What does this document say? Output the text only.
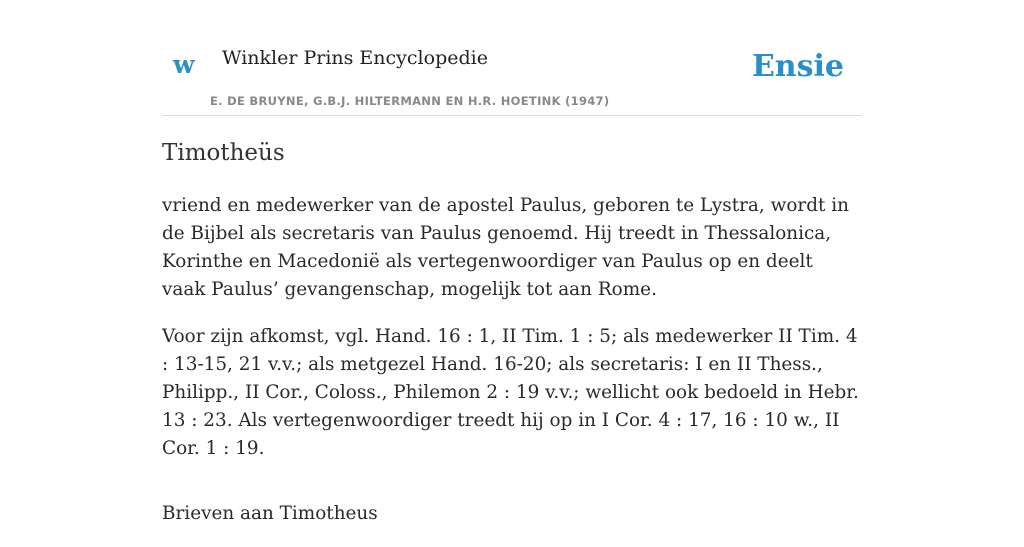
w Winkler Prins Encyclopedie
E. DE BRUYNE, G.B.J. HILTERMANN EN H.R. HOETINK (1947)
Ensie
Timotheüs

vriend en medewerker van de apostel Paulus, geboren te Lystra, wordt in de Bijbel als secretaris van Paulus genoemd. Hij treedt in Thessalonica, Korinthe en Macedonië als vertegenwoordiger van Paulus op en deelt vaak Paulus’ gevangenschap, mogelijk tot aan Rome.

Voor zijn afkomst, vgl. Hand. 16 : 1, II Tim. 1 : 5; als medewerker II Tim. 4 : 13-15, 21 v.v.; als metgezel Hand. 16-20; als secretaris: I en II Thess., Philipp., II Cor., Coloss., Philemon 2 : 19 v.v.; wellicht ook bedoeld in Hebr. 13 : 23. Als vertegenwoordiger treedt hij op in I Cor. 4 : 17, 16 : 10 w., II Cor. 1 : 19.

Brieven aan Timotheus
